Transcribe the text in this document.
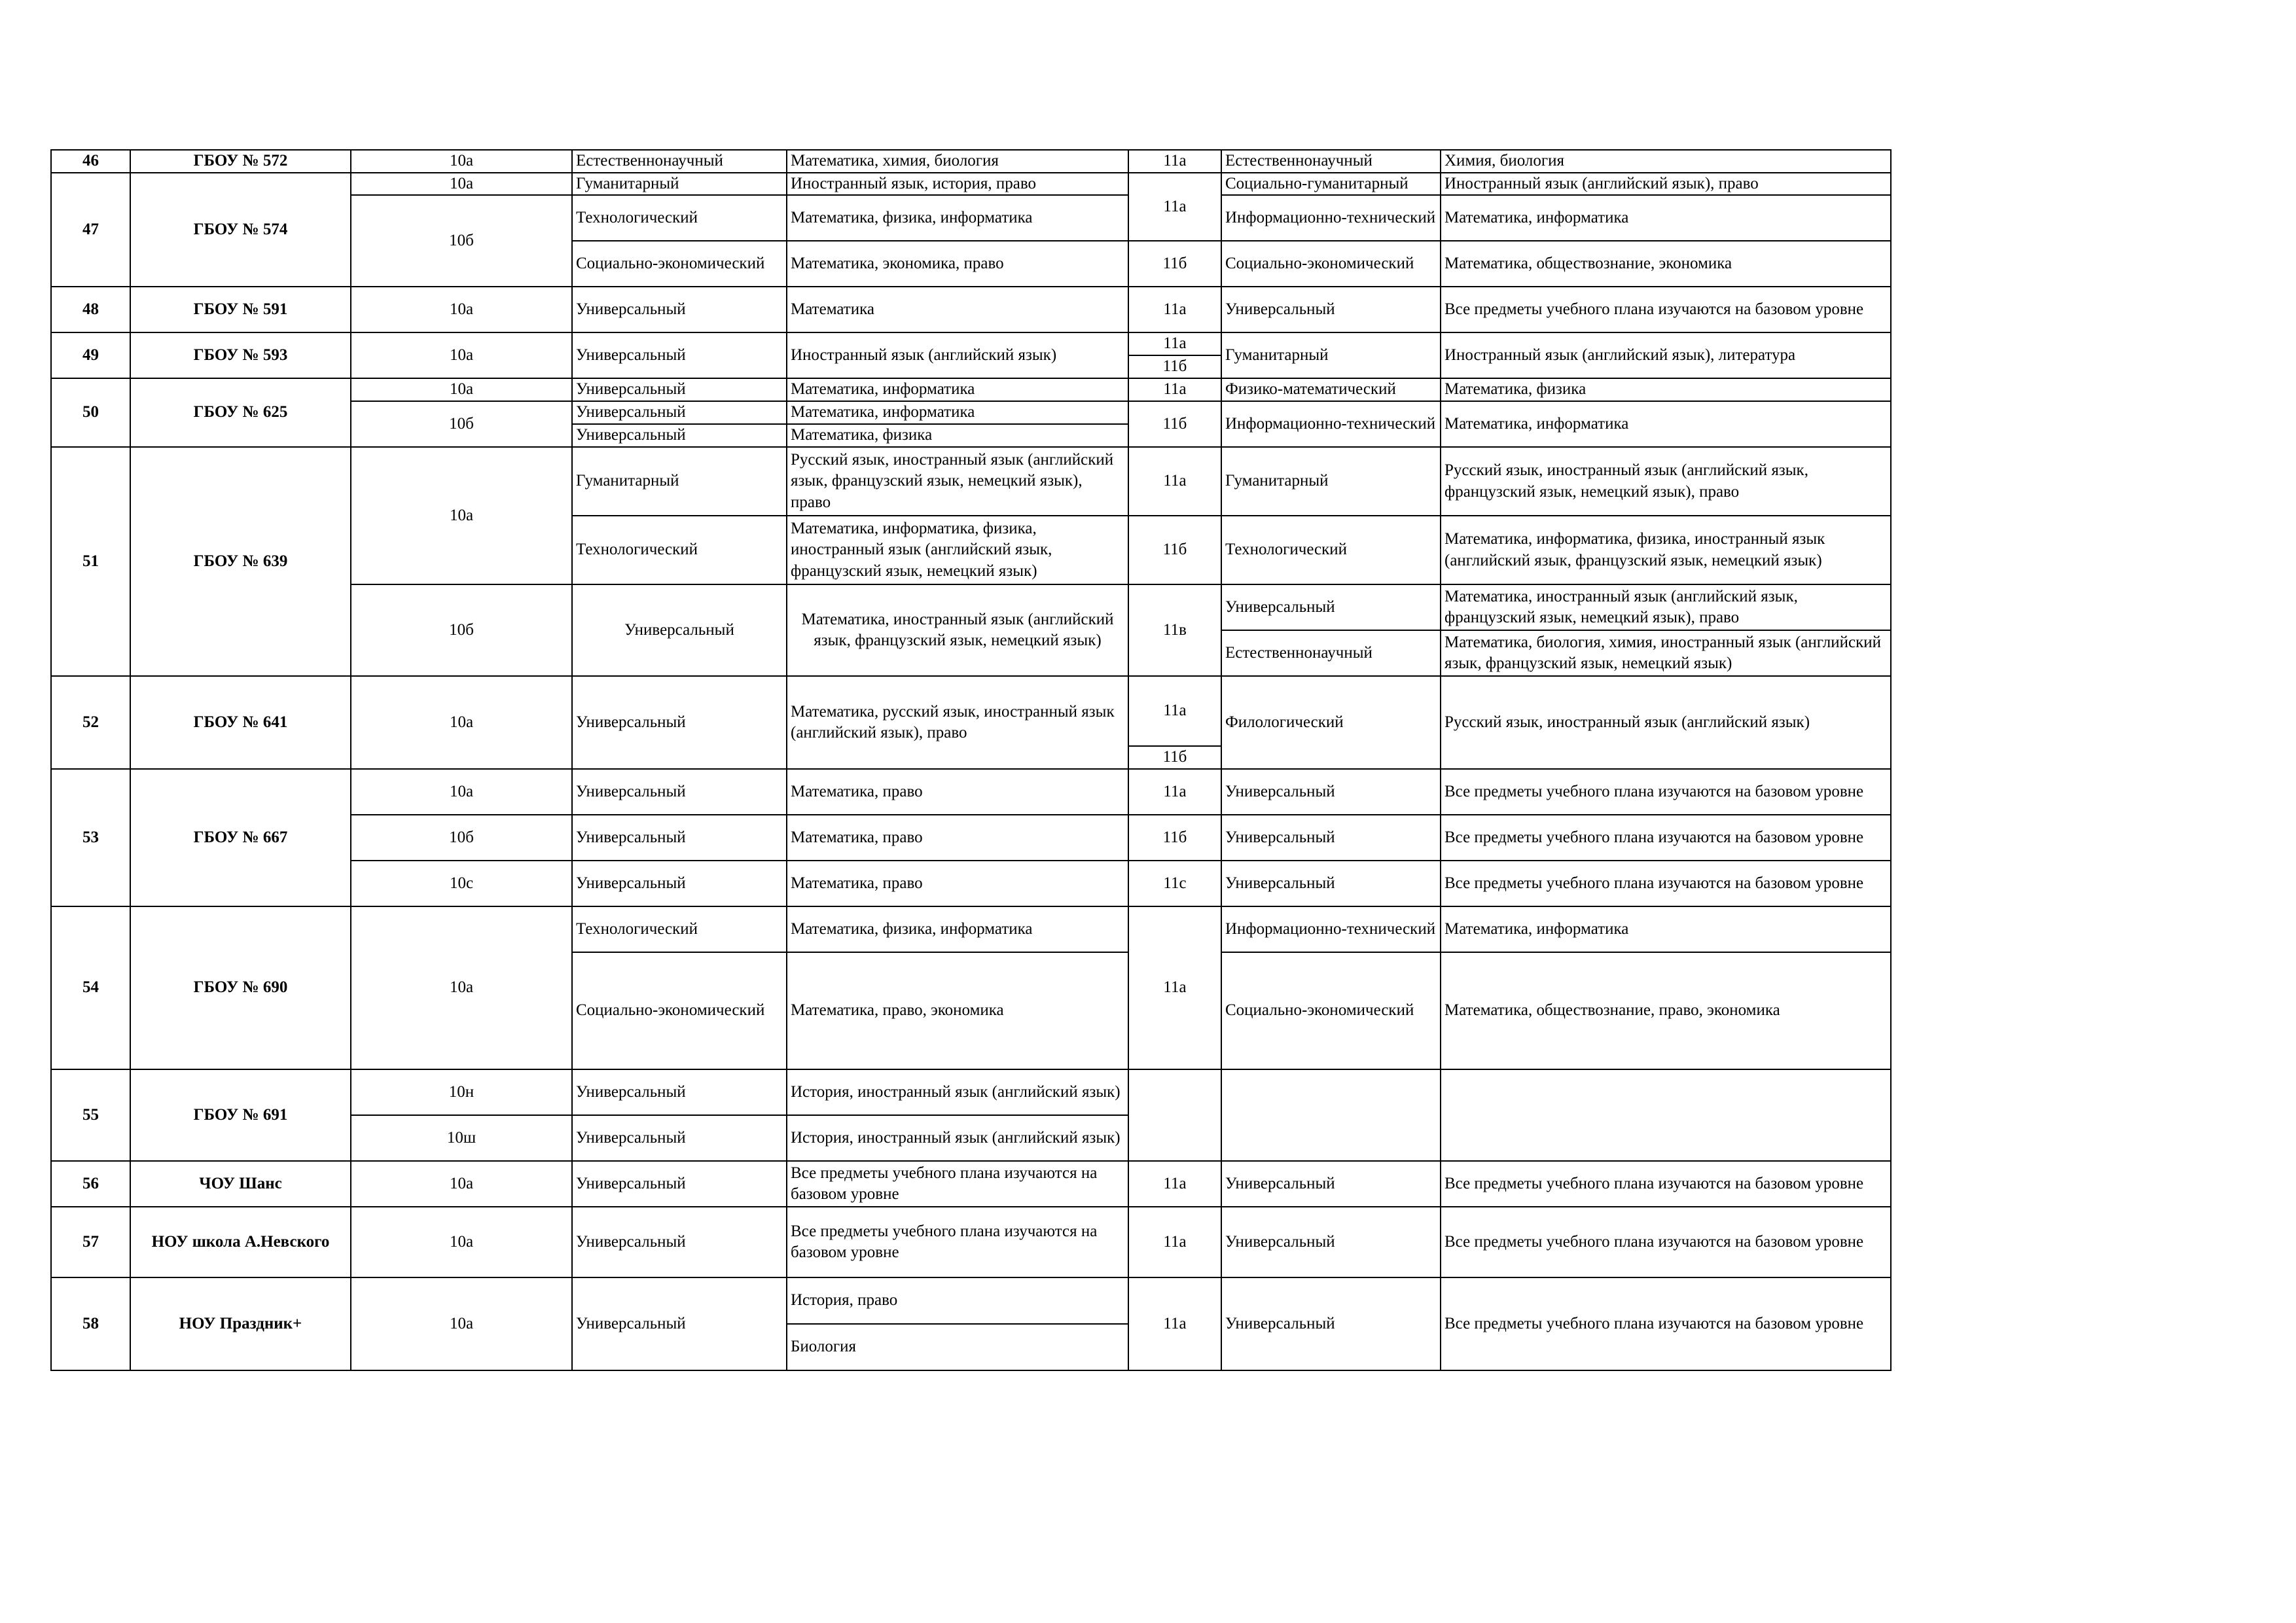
46	ГБОУ № 572	10а	Естественнонаучный	Математика, химия, биология	11а	Естественнонаучный	Химия, биология
47	ГБОУ № 574	10а	Гуманитарный	Иностранный язык, история, право	11а	Социально-гуманитарный	Иностранный язык (английский язык), право
		10б	Технологический	Математика, физика, информатика		Информационно-технический	Математика, информатика
			Социально-экономический	Математика, экономика, право	11б	Социально-экономический	Математика, обществознание, экономика
48	ГБОУ № 591	10а	Универсальный	Математика	11а	Универсальный	Все предметы учебного плана изучаются на базовом уровне
49	ГБОУ № 593	10а	Универсальный	Иностранный язык (английский язык)	11а	Гуманитарный	Иностранный язык (английский язык), литература
					11б		
50	ГБОУ № 625	10а	Универсальный	Математика, информатика	11а	Физико-математический	Математика, физика
		10б	Универсальный	Математика, информатика	11б	Информационно-технический	Математика, информатика
			Универсальный	Математика, физика			
51	ГБОУ № 639	10а	Гуманитарный	Русский язык, иностранный язык (английский язык, французский язык, немецкий язык), право	11а	Гуманитарный	Русский язык, иностранный язык (английский язык, французский язык, немецкий язык), право
			Технологический	Математика, информатика, физика, иностранный язык (английский язык, французский язык, немецкий язык)	11б	Технологический	Математика, информатика, физика, иностранный язык (английский язык, французский язык, немецкий язык)
		10б	Универсальный	Математика, иностранный язык (английский язык, французский язык, немецкий язык)	11в	Универсальный	Математика, иностранный язык (английский язык, французский язык, немецкий язык), право
						Естественнонаучный	Математика, биология, химия, иностранный язык (английский язык, французский язык, немецкий язык)
52	ГБОУ № 641	10а	Универсальный	Математика, русский язык, иностранный язык (английский язык), право	11а	Филологический	Русский язык, иностранный язык (английский язык)
					11б		
53	ГБОУ № 667	10а	Универсальный	Математика, право	11а	Универсальный	Все предметы учебного плана изучаются на базовом уровне
		10б	Универсальный	Математика, право	11б	Универсальный	Все предметы учебного плана изучаются на базовом уровне
		10с	Универсальный	Математика, право	11с	Универсальный	Все предметы учебного плана изучаются на базовом уровне
54	ГБОУ № 690	10а	Технологический	Математика, физика, информатика	11а	Информационно-технический	Математика, информатика
			Социально-экономический	Математика, право, экономика		Социально-экономический	Математика, обществознание, право, экономика
55	ГБОУ № 691	10н	Универсальный	История, иностранный язык (английский язык)			
		10ш	Универсальный	История, иностранный язык (английский язык)			
56	ЧОУ Шанс	10а	Универсальный	Все предметы учебного плана изучаются на базовом уровне	11а	Универсальный	Все предметы учебного плана изучаются на базовом уровне
57	НОУ школа А.Невского	10а	Универсальный	Все предметы учебного плана изучаются на базовом уровне	11а	Универсальный	Все предметы учебного плана изучаются на базовом уровне
58	НОУ Праздник+	10а	Универсальный	История, право	11а	Универсальный	Все предметы учебного плана изучаются на базовом уровне
				Биология			
